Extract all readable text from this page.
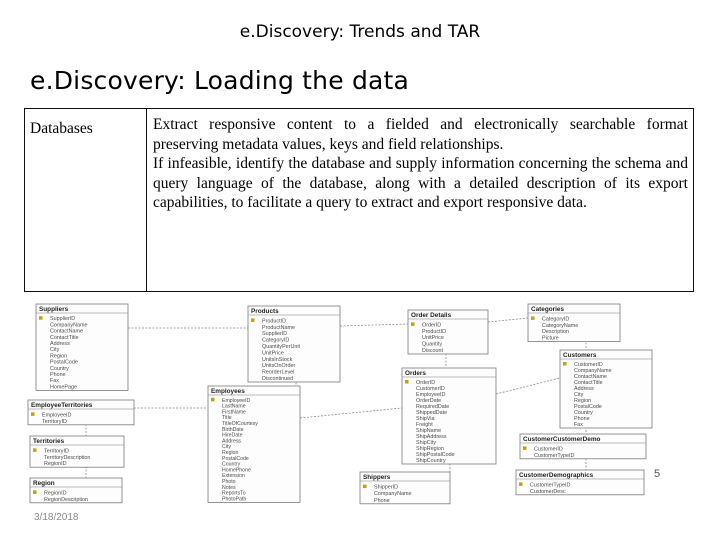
e.Discovery: Trends and TAR
e.Discovery: Loading the data
Databases	Extract responsive content to a fielded and electronically searchable format preserving metadata values, keys and field relationships.

If infeasible, identify the database and supply information concerning the schema and query language of the database, along with a detailed description of its export capabilities, to facilitate a query to extract and export responsive data.

Suppliers
SupplierID
CompanyName
ContactName
ContactTitle
Address
City
Region
PostalCode
Country
Phone
Fax
HomePage
Products
ProductID
ProductName
SupplierID
CategoryID
QuantityPerUnit
UnitPrice
UnitsInStock
UnitsOnOrder
ReorderLevel
Discontinued
Order Details
OrderID
ProductID
UnitPrice
Quantity
Discount
Categories
CategoryID
CategoryName
Description
Picture
Customers
CustomerID
CompanyName
ContactName
ContactTitle
Address
City
Region
PostalCode
Country
Phone
Fax
EmployeeTerritories
EmployeeID
TerritoryID
Employees
EmployeeID
LastName
FirstName
Title
TitleOfCourtesy
BirthDate
HireDate
Address
City
Region
PostalCode
Country
HomePhone
Extension
Photo
Notes
ReportsTo
PhotoPath
Orders
OrderID
CustomerID
EmployeeID
OrderDate
RequiredDate
ShippedDate
ShipVia
Freight
ShipName
ShipAddress
ShipCity
ShipRegion
ShipPostalCode
ShipCountry
Territories
TerritoryID
TerritoryDescription
RegionID
Region
RegionID
RegionDescription
Shippers
ShipperID
CompanyName
Phone
CustomerCustomerDemo
CustomerID
CustomerTypeID
CustomerDemographics
CustomerTypeID
CustomerDesc
5
3/18/2018
